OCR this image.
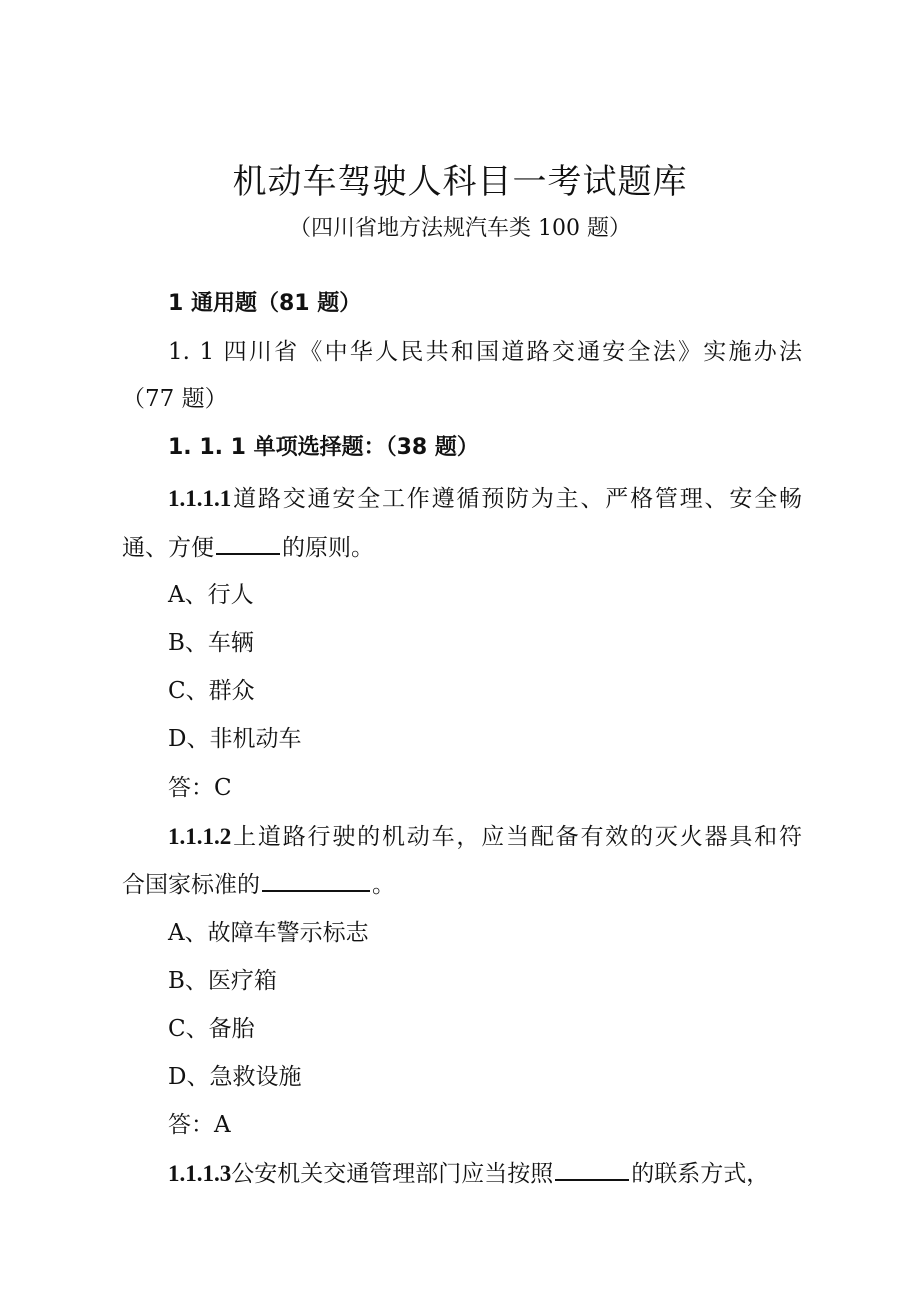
机动车驾驶人科目一考试题库
（四川省地方法规汽车类 100 题）
1 通用题（81 题）
1. 1 四川省《中华人民共和国道路交通安全法》实施办法
（77 题）
1. 1. 1 单项选择题：（38 题）
1.1.1.1道路交通安全工作遵循预防为主、严格管理、安全畅
通、方便	的原则。
A、行人
B、车辆
C、群众
D、非机动车
答：C
1.1.1.2上道路行驶的机动车，应当配备有效的灭火器具和符
合国家标准的	。
A、故障车警示标志
B、医疗箱
C、备胎
D、急救设施
答：A
1.1.1.3公安机关交通管理部门应当按照	的联系方式，
